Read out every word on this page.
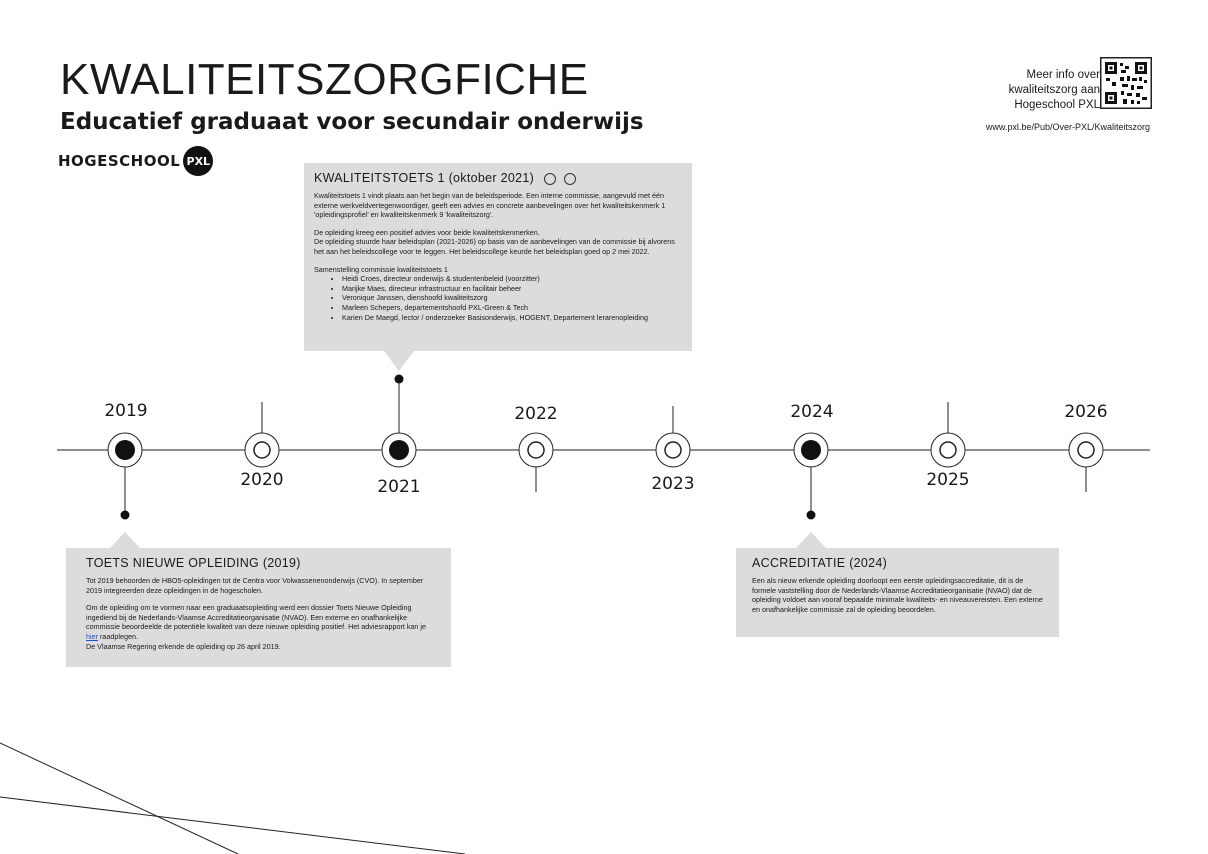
KWALITEITSZORGFICHE
Educatief graduaat voor secundair onderwijs
HOGESCHOOL PXL
Meer info over
kwaliteitszorg aan
Hogeschool PXL
www.pxl.be/Pub/Over-PXL/Kwaliteitszorg
2019
2020	2021
2022
2023
2024
2025
2026
KWALITEITSTOETS 1 (oktober 2021)

Kwaliteitstoets 1 vindt plaats aan het begin van de beleidsperiode. Een interne commissie, aangevuld met één externe werkveldvertegenwoordiger, geeft een advies en concrete aanbevelingen over het kwaliteitskenmerk 1 'opleidingsprofiel' en kwaliteitskenmerk 9 'kwaliteitszorg'.

De opleiding kreeg een positief advies voor beide kwaliteitskenmerken.

De opleiding stuurde haar beleidsplan (2021-2026) op basis van de aanbevelingen van de commissie bij alvorens het aan het beleidscollege voor te leggen. Het beleidscollege keurde het beleidsplan goed op 2 mei 2022.

Samenstelling commissie kwaliteitstoets 1

• Heidi Croes, directeur onderwijs & studentenbeleid (voorzitter)
• Marijke Maes, directeur infrastructuur en facilitair beheer
• Veronique Janssen, dienshoofd kwaliteitszorg
• Marleen Schepers, departementshoofd PXL-Green & Tech
• Karien De Maegd, lector / onderzoeker Basisonderwijs, HOGENT, Departement lerarenopleiding
TOETS NIEUWE OPLEIDING (2019)

Tot 2019 behoorden de HBO5-opleidingen tot de Centra voor Volwassenenonderwijs (CVO). In september 2019 integreerden deze opleidingen in de hogescholen.

Om de opleiding om te vormen naar een graduaatsopleiding werd een dossier Toets Nieuwe Opleiding ingediend bij de Nederlands-Vlaamse Accreditatieorganisatie (NVAO). Een externe en onafhankelijke commissie beoordeelde de potentiële kwaliteit van deze nieuwe opleiding positief. Het adviesrapport kan je hier raadplegen.

De Vlaamse Regering erkende de opleiding op 26 april 2019.

ACCREDITATIE (2024)

Een als nieuw erkende opleiding doorloopt een eerste opleidingsaccreditatie, dit is de formele vaststelling door de Nederlands-Vlaamse Accreditatieorganisatie (NVAO) dat de opleiding voldoet aan vooraf bepaalde minimale kwaliteits- en niveauvereisten. Een externe en onafhankelijke commissie zal de opleiding beoordelen.
